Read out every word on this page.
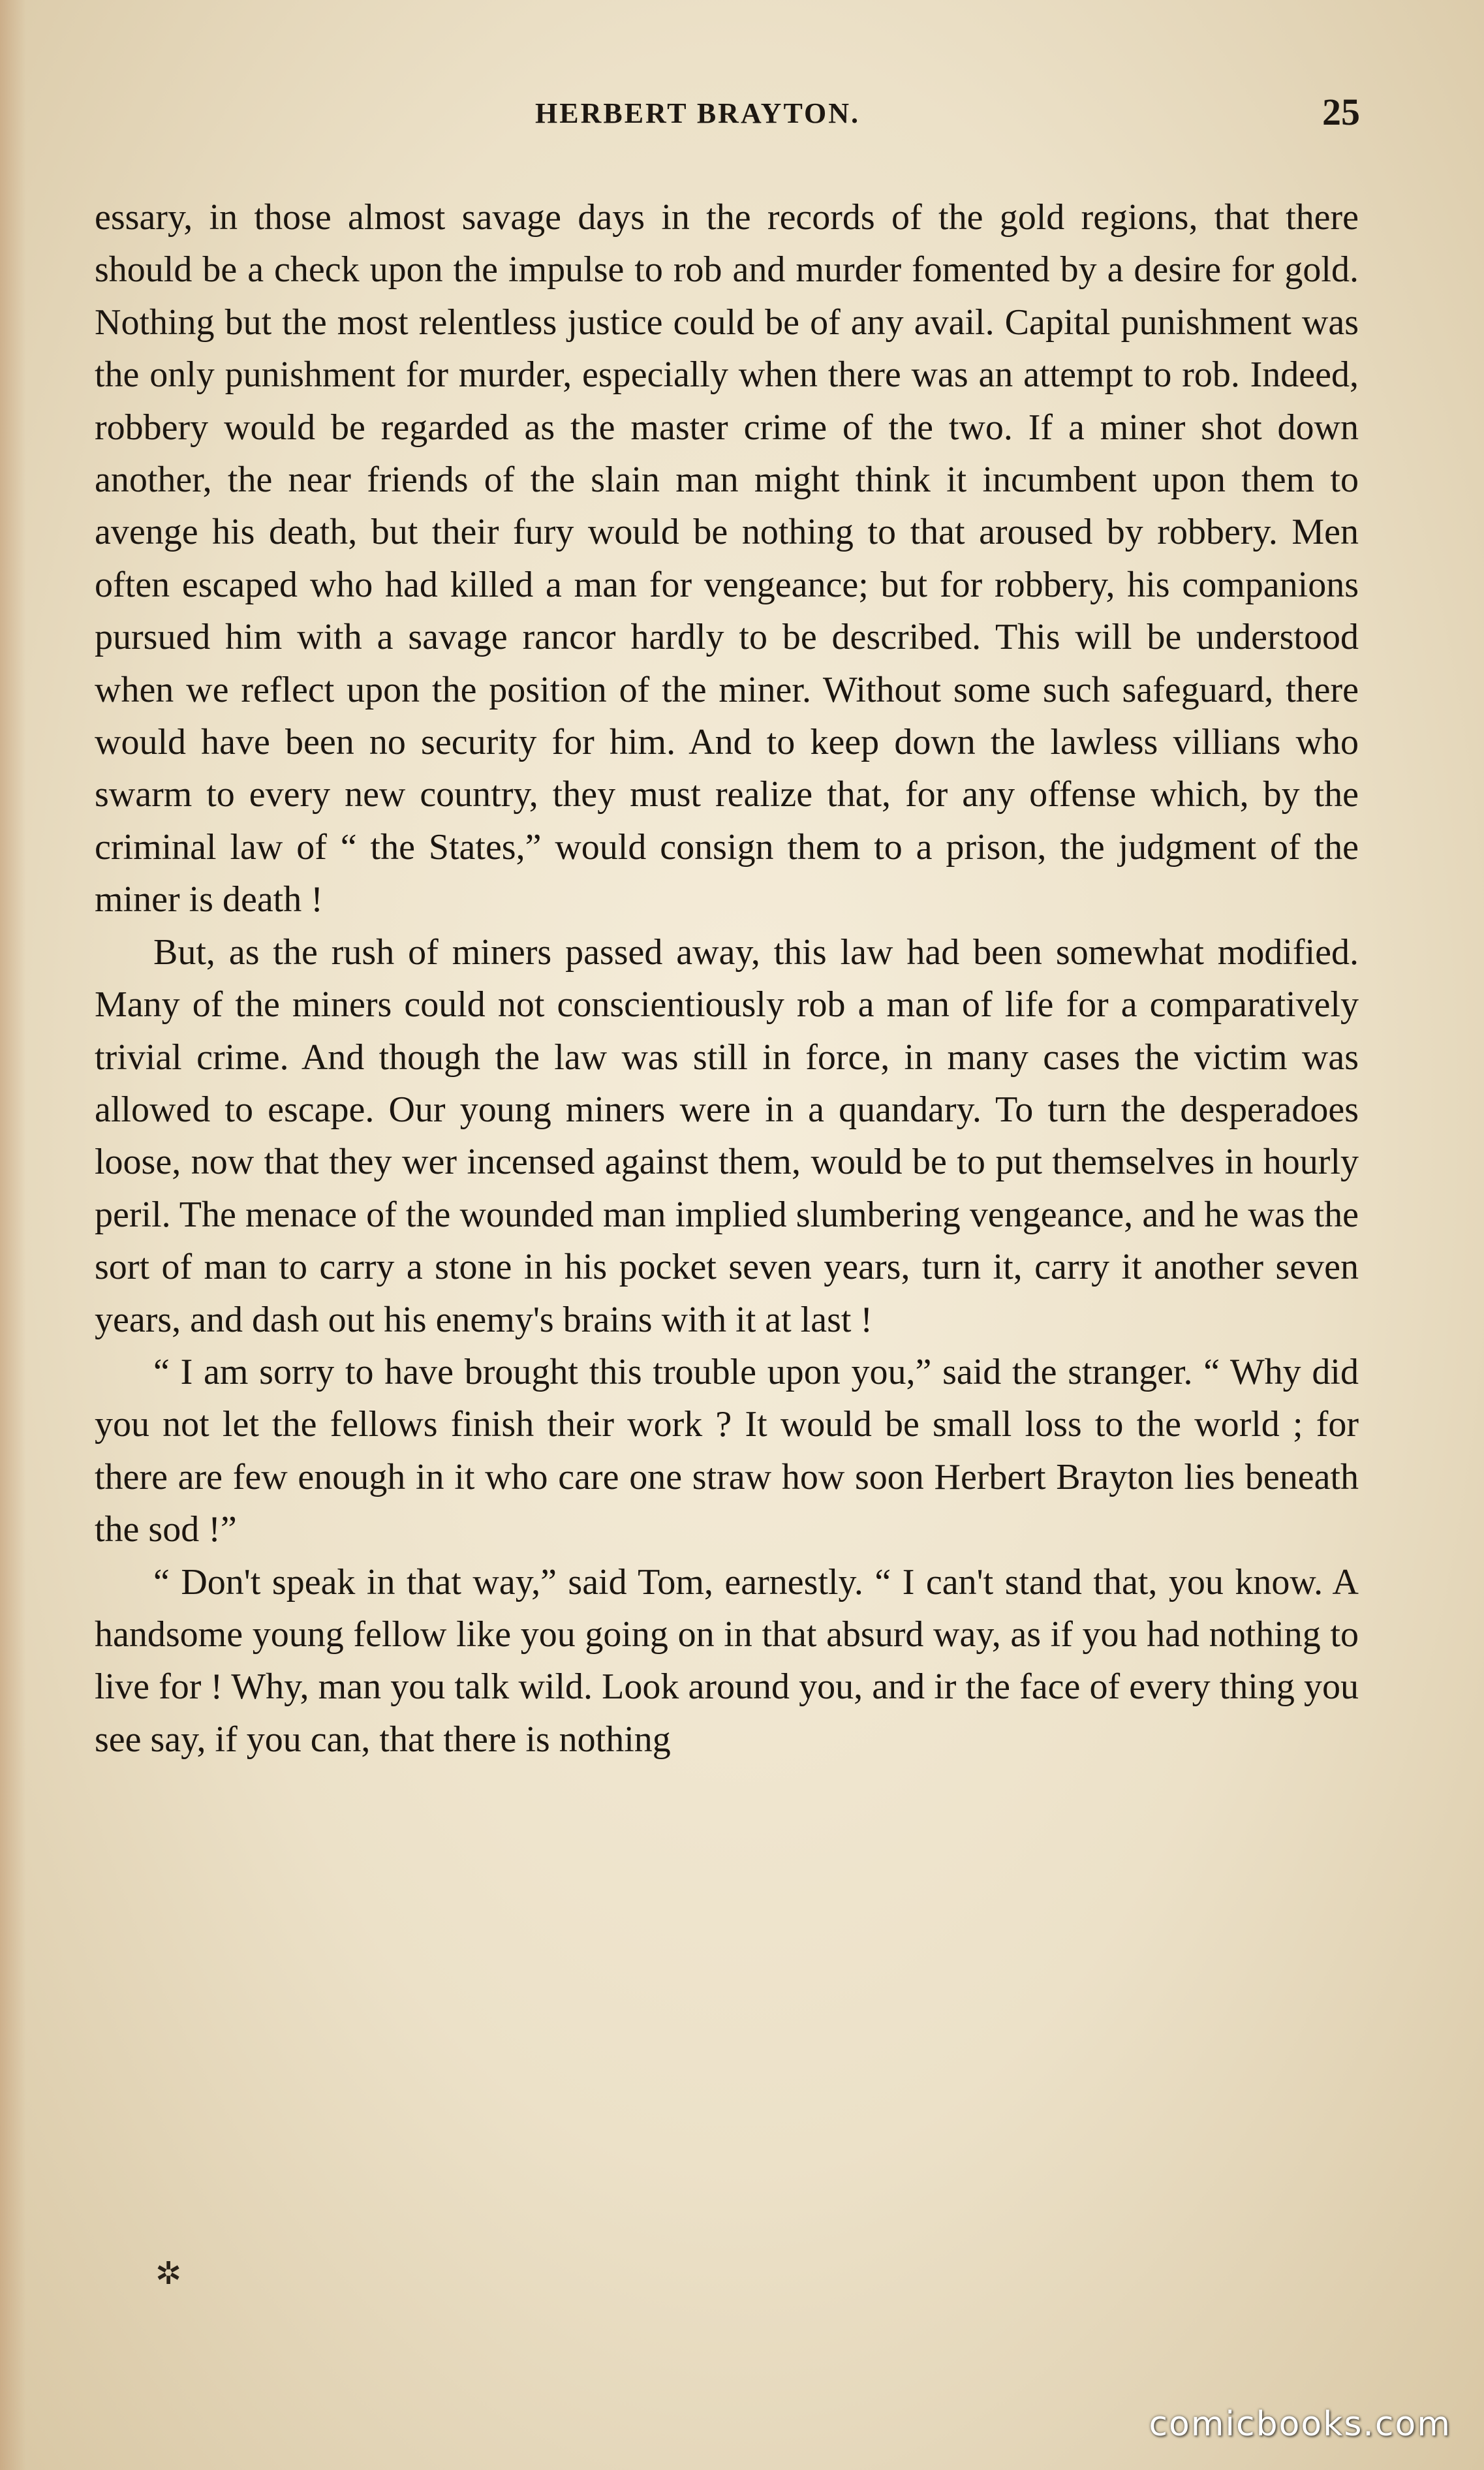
HERBERT BRAYTON.	25

essary, in those almost savage days in the records of the gold regions, that there should be a check upon the impulse to rob and murder fomented by a desire for gold. Nothing but the most relentless justice could be of any avail. Capital punishment was the only punishment for murder, especially when there was an attempt to rob. Indeed, robbery would be regarded as the master crime of the two. If a miner shot down another, the near friends of the slain man might think it incumbent upon them to avenge his death, but their fury would be nothing to that aroused by robbery. Men often escaped who had killed a man for vengeance; but for robbery, his companions pursued him with a savage rancor hardly to be described. This will be understood when we reflect upon the position of the miner. Without some such safeguard, there would have been no security for him. And to keep down the lawless villians who swarm to every new country, they must realize that, for any offense which, by the criminal law of “ the States,” would consign them to a prison, the judgment of the miner is death !

But, as the rush of miners passed away, this law had been somewhat modified. Many of the miners could not conscientiously rob a man of life for a comparatively trivial crime. And though the law was still in force, in many cases the victim was allowed to escape. Our young miners were in a quandary. To turn the desperadoes loose, now that they wer incensed against them, would be to put themselves in hourly peril. The menace of the wounded man implied slumbering vengeance, and he was the sort of man to carry a stone in his pocket seven years, turn it, carry it another seven years, and dash out his enemy's brains with it at last !

“ I am sorry to have brought this trouble upon you,” said the stranger. “ Why did you not let the fellows finish their work ? It would be small loss to the world ; for there are few enough in it who care one straw how soon Herbert Brayton lies beneath the sod !”

“ Don't speak in that way,” said Tom, earnestly. “ I can't stand that, you know. A handsome young fellow like you going on in that absurd way, as if you had nothing to live for ! Why, man you talk wild. Look around you, and ir the face of every thing you see say, if you can, that there is nothing

✲
comicbooks.com
